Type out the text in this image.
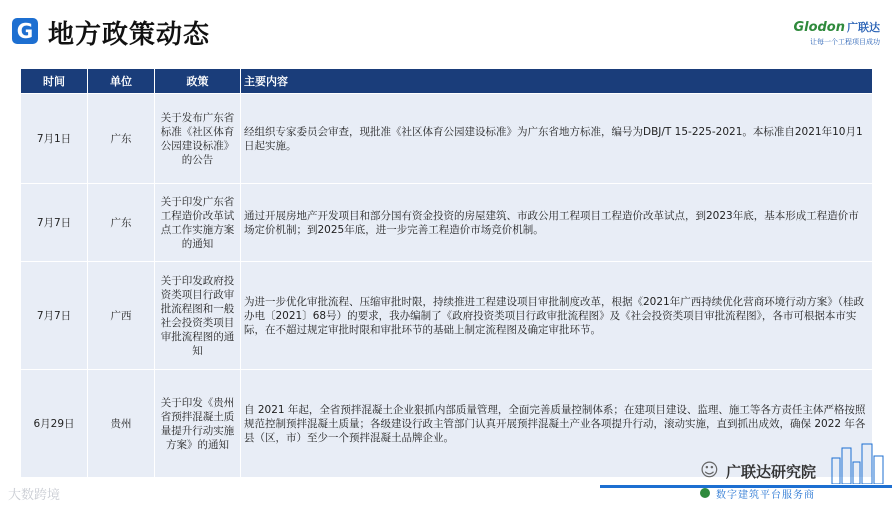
G 地方政策动态	Glodon 广联达
让每一个工程项目成功
时间	单位	政策	主要内容
7月1日	广东	关于发布广东省标准《社区体育公园建设标准》的公告	经组织专家委员会审查，现批准《社区体育公园建设标准》为广东省地方标准，编号为DBJ/T 15-225-2021。本标准自2021年10月1日起实施。
7月7日	广东	关于印发广东省工程造价改革试点工作实施方案的通知	通过开展房地产开发项目和部分国有资金投资的房屋建筑、市政公用工程项目工程造价改革试点，到2023年底，基本形成工程造价市场定价机制；到2025年底，进一步完善工程造价市场竞价机制。
7月7日	广西	关于印发政府投资类项目行政审批流程图和一般社会投资类项目审批流程图的通知	为进一步优化审批流程、压缩审批时限，持续推进工程建设项目审批制度改革，根据《2021年广西持续优化营商环境行动方案》（桂政办电〔2021〕68号）的要求，我办编制了《政府投资类项目行政审批流程图》及《社会投资类项目审批流程图》，各市可根据本市实际，在不超过规定审批时限和审批环节的基础上制定流程图及确定审批环节。
6月29日	贵州	关于印发《贵州省预拌混凝土质量提升行动实施方案》的通知	自 2021 年起，全省预拌混凝土企业狠抓内部质量管理，全面完善质量控制体系；在建项目建设、监理、施工等各方责任主体严格按照规范控制预拌混凝土质量；各级建设行政主管部门认真开展预拌混凝土产业各项提升行动，滚动实施，直到抓出成效，确保 2022 年各县（区，市）至少一个预拌混凝土品牌企业。
☺ 广联达研究院
数字建筑平台服务商
大数跨境
